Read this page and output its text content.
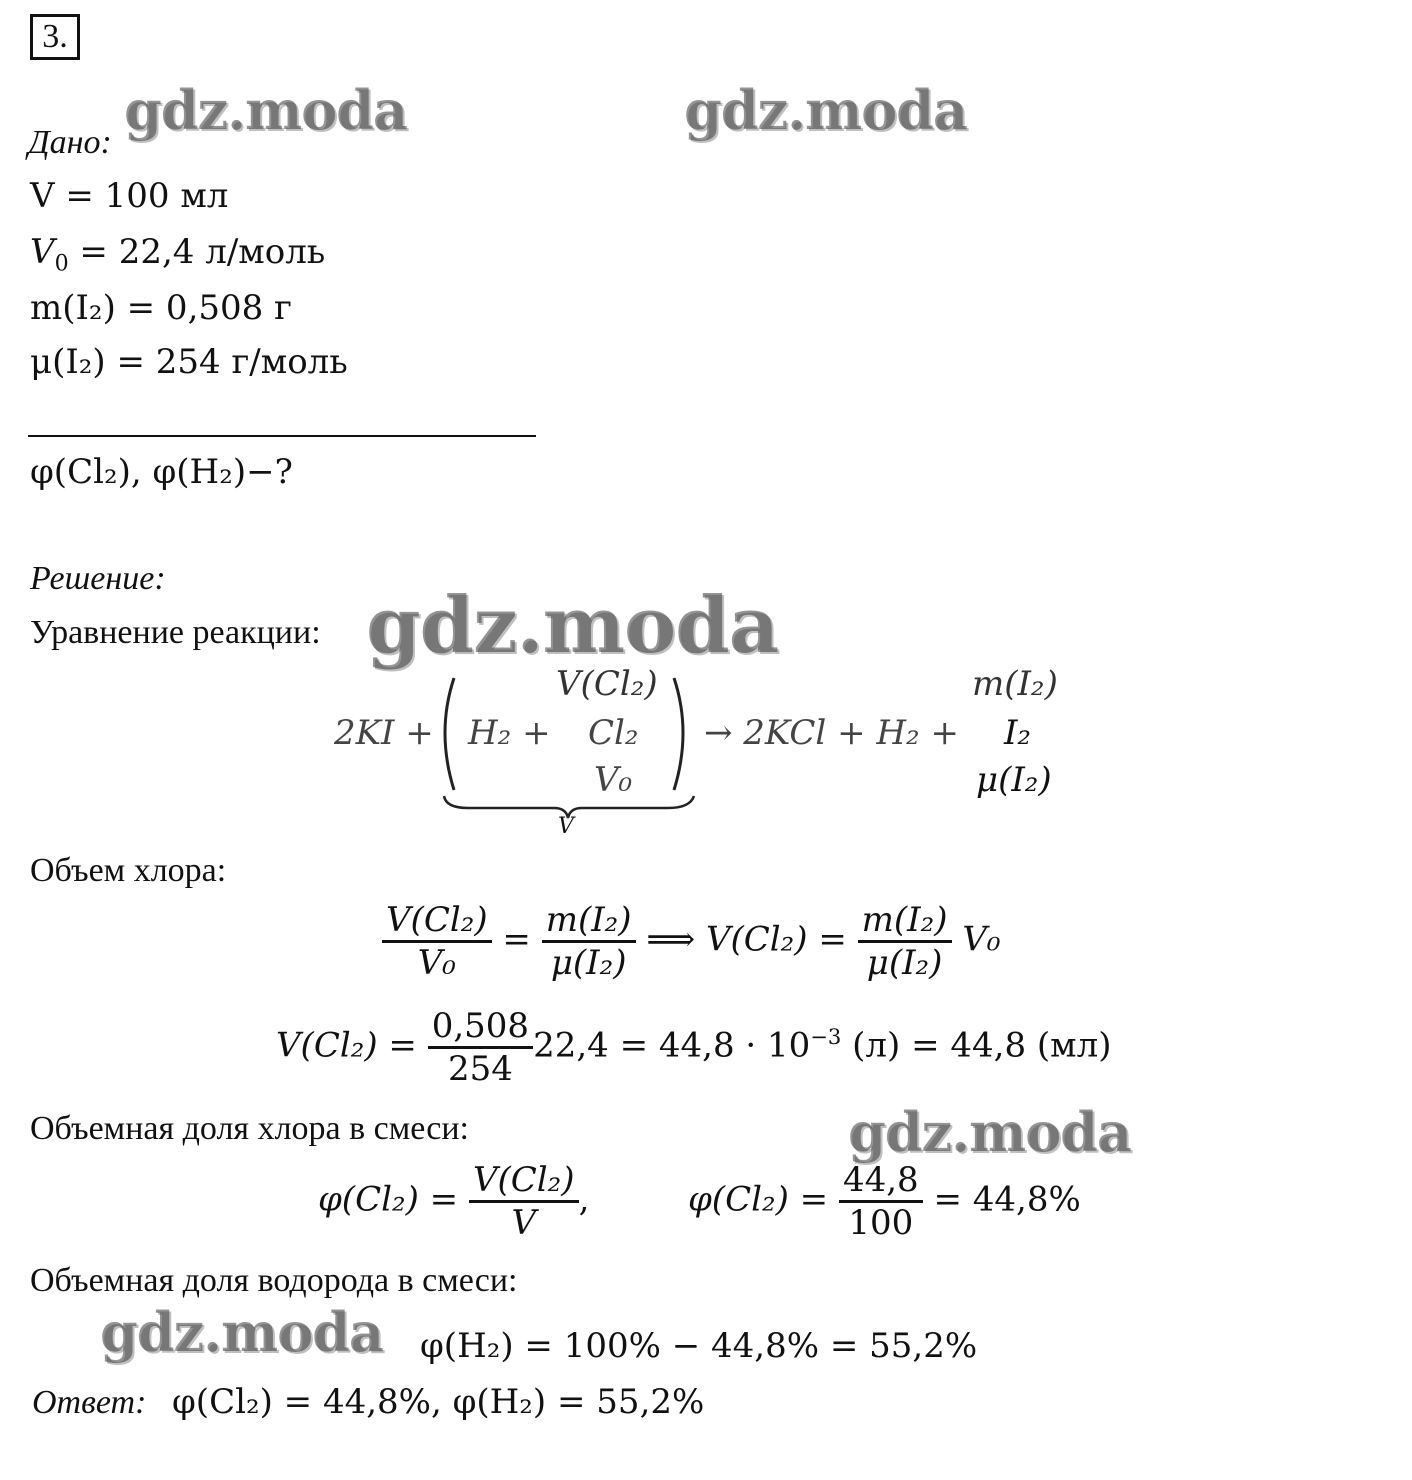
3.
gdz.moda	gdz.moda
gdz.moda
gdz.moda
gdz.moda
Дано:
V = 100 мл
$V_0 = 22,4$ л/моль
m(I₂) = 0,508 г
μ(I₂) = 254 г/моль
φ(Cl₂), φ(H₂)−?
Решение:
Уравнение реакции:
2KI + H₂ +
V(Cl₂)
Cl₂
V₀
V
→ 2KCl + H₂ +
m(I₂)
I₂
μ(I₂)
Объем хлора:
$\frac{\text{V(Cl₂)}}{\text{V₀}} = \frac{\text{m(I₂)}}{\text{μ(I₂)}}$ ⟹ $V(Cl_2) = \frac{\text{m(I₂)}}{\text{μ(I₂)}} V_0$
$V(Cl_2) = \frac{0,508}{254} 22,4 = 44,8 \cdot 10^{-3}$ (л) = 44,8 (мл)
Объемная доля хлора в смеси:
$\varphi(Cl_2) = \frac{\text{V(Cl₂)}}{V}$ ,	$\varphi(Cl_2) = \frac{44,8}{100} = 44,8\%$
Объемная доля водорода в смеси:
φ(H₂) = 100% − 44,8% = 55,2%
Ответ: φ(Cl₂) = 44,8%, φ(H₂) = 55,2%
